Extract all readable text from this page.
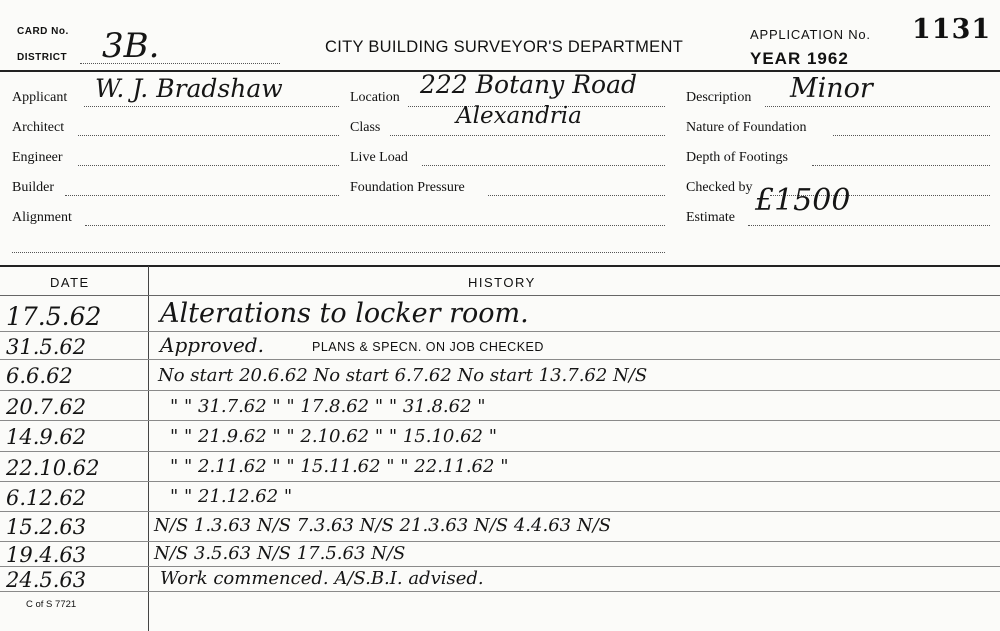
CARD No.
DISTRICT 3B.	CITY BUILDING SURVEYOR'S DEPARTMENT
APPLICATION No. 1131
YEAR 1962
Applicant W. J. Bradshaw
Architect
Engineer
Builder
Alignment
Location 222 Botany Road
Class	Alexandria
Live Load
Foundation Pressure
Description Minor
Nature of Foundation
Depth of Footings
Checked by
Estimate £1500
DATE	HISTORY
17.5.62	Alterations to locker room.
31.5.62	Approved.	PLANS & SPECN. ON JOB CHECKED
6.6.62	No start 20.6.62 No start 6.7.62 No start 13.7.62 N/S
20.7.62	" " 31.7.62 " " 17.8.62 " " 31.8.62 "
14.9.62	" " 21.9.62 " " 2.10.62 " " 15.10.62 "
22.10.62	" " 2.11.62 " " 15.11.62 " " 22.11.62 "
6.12.62	" " 21.12.62 "
15.2.63	N/S 1.3.63 N/S 7.3.63 N/S 21.3.63 N/S 4.4.63 N/S
19.4.63	N/S 3.5.63 N/S 17.5.63 N/S
24.5.63	Work commenced. A/S.B.I. advised.
C of S 7721
